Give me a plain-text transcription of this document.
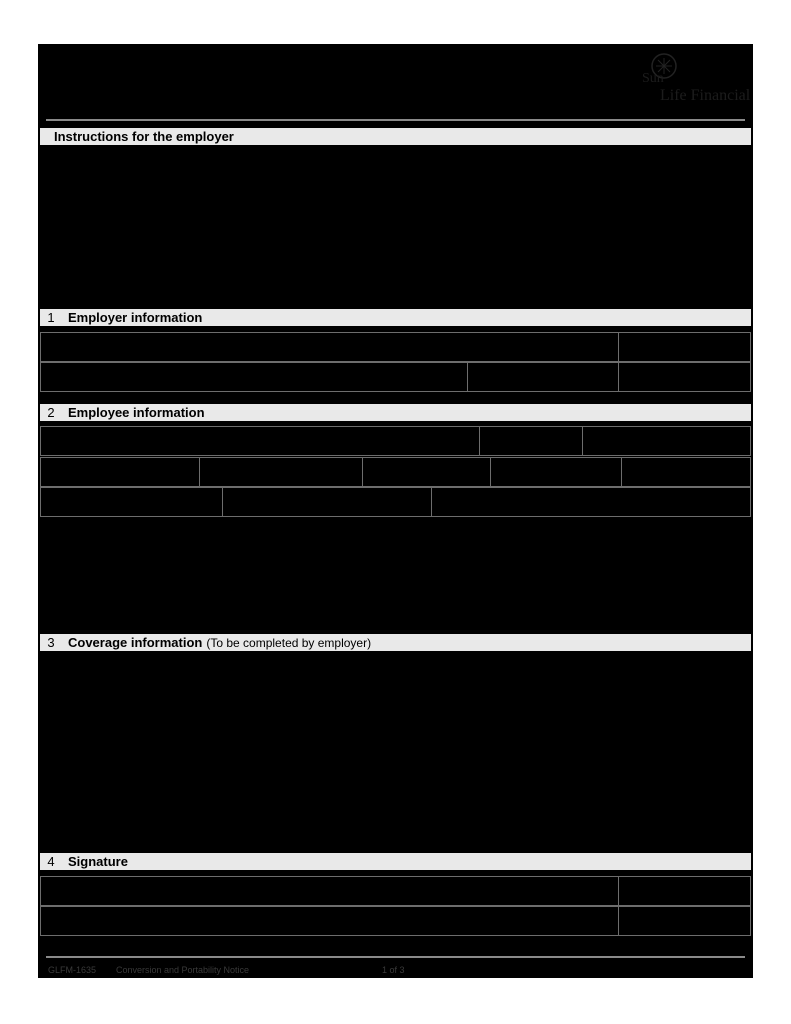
Sun
Life Financial
Instructions for the employer
1	Employer information
2	Employee information
3	Coverage information (To be completed by employer)
4	Signature
GLFM-1635 Conversion and Portability Notice	1 of 3
